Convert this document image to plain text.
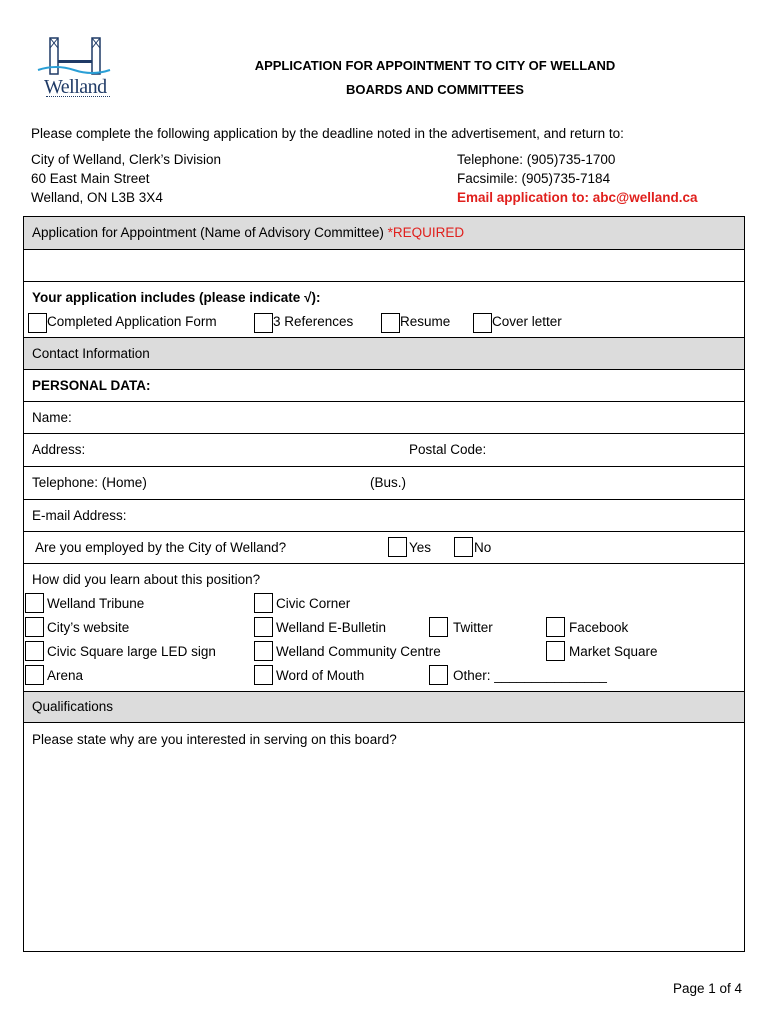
Welland
APPLICATION FOR APPOINTMENT TO CITY OF WELLAND
BOARDS AND COMMITTEES
Please complete the following application by the deadline noted in the advertisement, and return to:
City of Welland, Clerk’s Division
60 East Main Street
Welland, ON L3B 3X4
Telephone: (905)735-1700
Facsimile: (905)735-7184
Email application to: abc@welland.ca
Application for Appointment (Name of Advisory Committee) *REQUIRED
Your application includes (please indicate √):
Completed Application Form	3 References	Resume	Cover letter
Contact Information
PERSONAL DATA:
Name:
Address:	Postal Code:
Telephone: (Home)	(Bus.)
E-mail Address:
Are you employed by the City of Welland?	Yes	No
How did you learn about this position?
Welland Tribune	Civic Corner
City’s website	Welland E-Bulletin	Twitter	Facebook
Civic Square large LED sign	Welland Community Centre	Market Square
Arena	Word of Mouth	Other: _______________
Qualifications
Please state why are you interested in serving on this board?
Page 1 of 4
